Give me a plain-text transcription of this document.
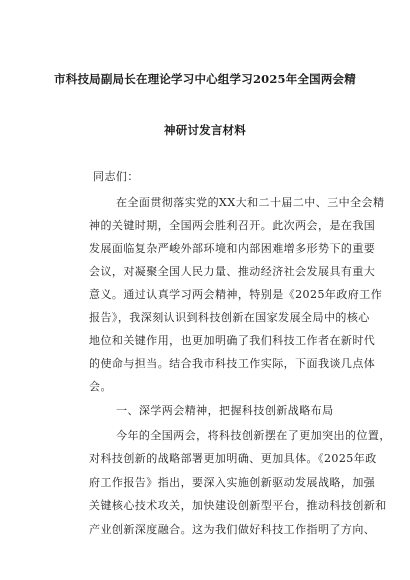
市科技局副局长在理论学习中心组学习2025年全国两会精
神研讨发言材料
同志们：
在全面贯彻落实党的XX大和二十届二中、三中全会精
神的关键时期，全国两会胜利召开。此次两会，是在我国
发展面临复杂严峻外部环境和内部困难增多形势下的重要
会议，对凝聚全国人民力量、推动经济社会发展具有重大
意义。通过认真学习两会精神，特别是《2025年政府工作
报告》，我深刻认识到科技创新在国家发展全局中的核心
地位和关键作用，也更加明确了我们科技工作者在新时代
的使命与担当。结合我市科技工作实际，下面我谈几点体
会。
一、深学两会精神，把握科技创新战略布局
今年的全国两会，将科技创新摆在了更加突出的位置，
对科技创新的战略部署更加明确、更加具体。《2025年政
府工作报告》指出，要深入实施创新驱动发展战略，加强
关键核心技术攻关，加快建设创新型平台，推动科技创新和
产业创新深度融合。这为我们做好科技工作指明了方向、
